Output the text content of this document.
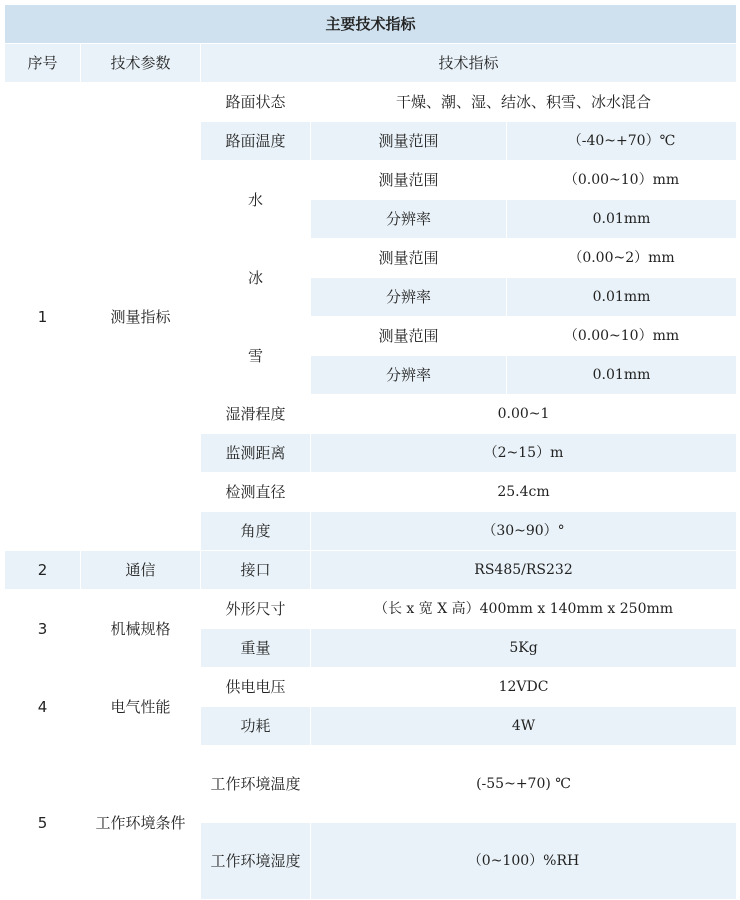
主要技术指标				
序号	技术参数	技术指标		
1	测量指标	路面状态	干燥、潮、湿、结冰、积雪、冰水混合	
		路面温度	测量范围	（-40~+70）℃
		水	测量范围	（0.00~10）mm
			分辨率	0.01mm
		冰	测量范围	（0.00~2）mm
			分辨率	0.01mm
		雪	测量范围	（0.00~10）mm
			分辨率	0.01mm
		湿滑程度	0.00~1	
		监测距离	（2~15）m	
		检测直径	25.4cm	
		角度	（30~90）°	
2	通信	接口	RS485/RS232	
3	机械规格	外形尺寸	（长 x 宽 X 高）400mm x 140mm x 250mm	
		重量	5Kg	
4	电气性能	供电电压	12VDC	
		功耗	4W	
5	工作环境条件	工作环境温度	(-55~+70) ℃	
		工作环境湿度	（0~100）%RH	
